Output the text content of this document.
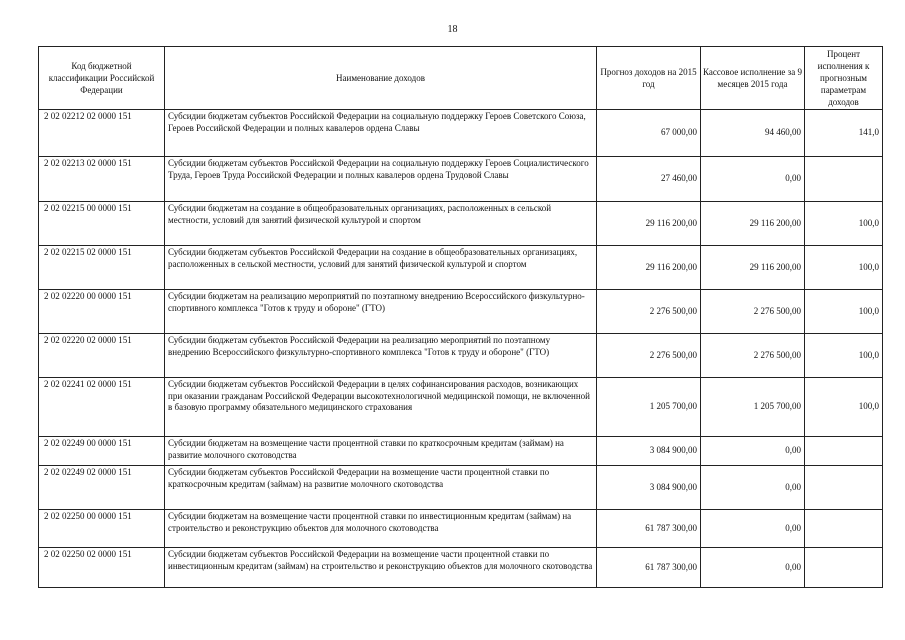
18
Код бюджетной классификации Российской Федерации	Наименование доходов	Прогноз доходов на 2015 год	Кассовое исполнение за 9 месяцев 2015 года	Процент исполнения к прогнозным параметрам доходов
2 02 02212 02 0000 151	Субсидии бюджетам субъектов Российской Федерации на социальную поддержку Героев Советского Союза, Героев Российской Федерации и полных кавалеров ордена Славы	67 000,00	94 460,00	141,0
2 02 02213 02 0000 151	Субсидии бюджетам субъектов Российской Федерации на социальную поддержку Героев Социалистического Труда, Героев Труда Российской Федерации и полных кавалеров ордена Трудовой Славы	27 460,00	0,00	
2 02 02215 00 0000 151	Субсидии бюджетам на создание в общеобразовательных организациях, расположенных в сельской местности, условий для занятий физической культурой и спортом	29 116 200,00	29 116 200,00	100,0
2 02 02215 02 0000 151	Субсидии бюджетам субъектов Российской Федерации на создание в общеобразовательных организациях, расположенных в сельской местности, условий для занятий физической культурой и спортом	29 116 200,00	29 116 200,00	100,0
2 02 02220 00 0000 151	Субсидии бюджетам на реализацию мероприятий по поэтапному внедрению Всероссийского физкультурно-спортивного комплекса "Готов к труду и обороне" (ГТО)	2 276 500,00	2 276 500,00	100,0
2 02 02220 02 0000 151	Субсидии бюджетам субъектов Российской Федерации на реализацию мероприятий по поэтапному внедрению Всероссийского физкультурно-спортивного комплекса "Готов к труду и обороне" (ГТО)	2 276 500,00	2 276 500,00	100,0
2 02 02241 02 0000 151	Субсидии бюджетам субъектов Российской Федерации в целях софинансирования расходов, возникающих при оказании гражданам Российской Федерации высокотехнологичной медицинской помощи, не включенной в базовую программу обязательного медицинского страхования	1 205 700,00	1 205 700,00	100,0
2 02 02249 00 0000 151	Субсидии бюджетам на возмещение части процентной ставки по краткосрочным кредитам (займам) на развитие молочного скотоводства	3 084 900,00	0,00	
2 02 02249 02 0000 151	Субсидии бюджетам субъектов Российской Федерации на возмещение части процентной ставки по краткосрочным кредитам (займам) на развитие молочного скотоводства	3 084 900,00	0,00	
2 02 02250 00 0000 151	Субсидии бюджетам на возмещение части процентной ставки по инвестиционным кредитам (займам) на строительство и реконструкцию объектов для молочного скотоводства	61 787 300,00	0,00	
2 02 02250 02 0000 151	Субсидии бюджетам субъектов Российской Федерации на возмещение части процентной ставки по инвестиционным кредитам (займам) на строительство и реконструкцию объектов для молочного скотоводства	61 787 300,00	0,00	
